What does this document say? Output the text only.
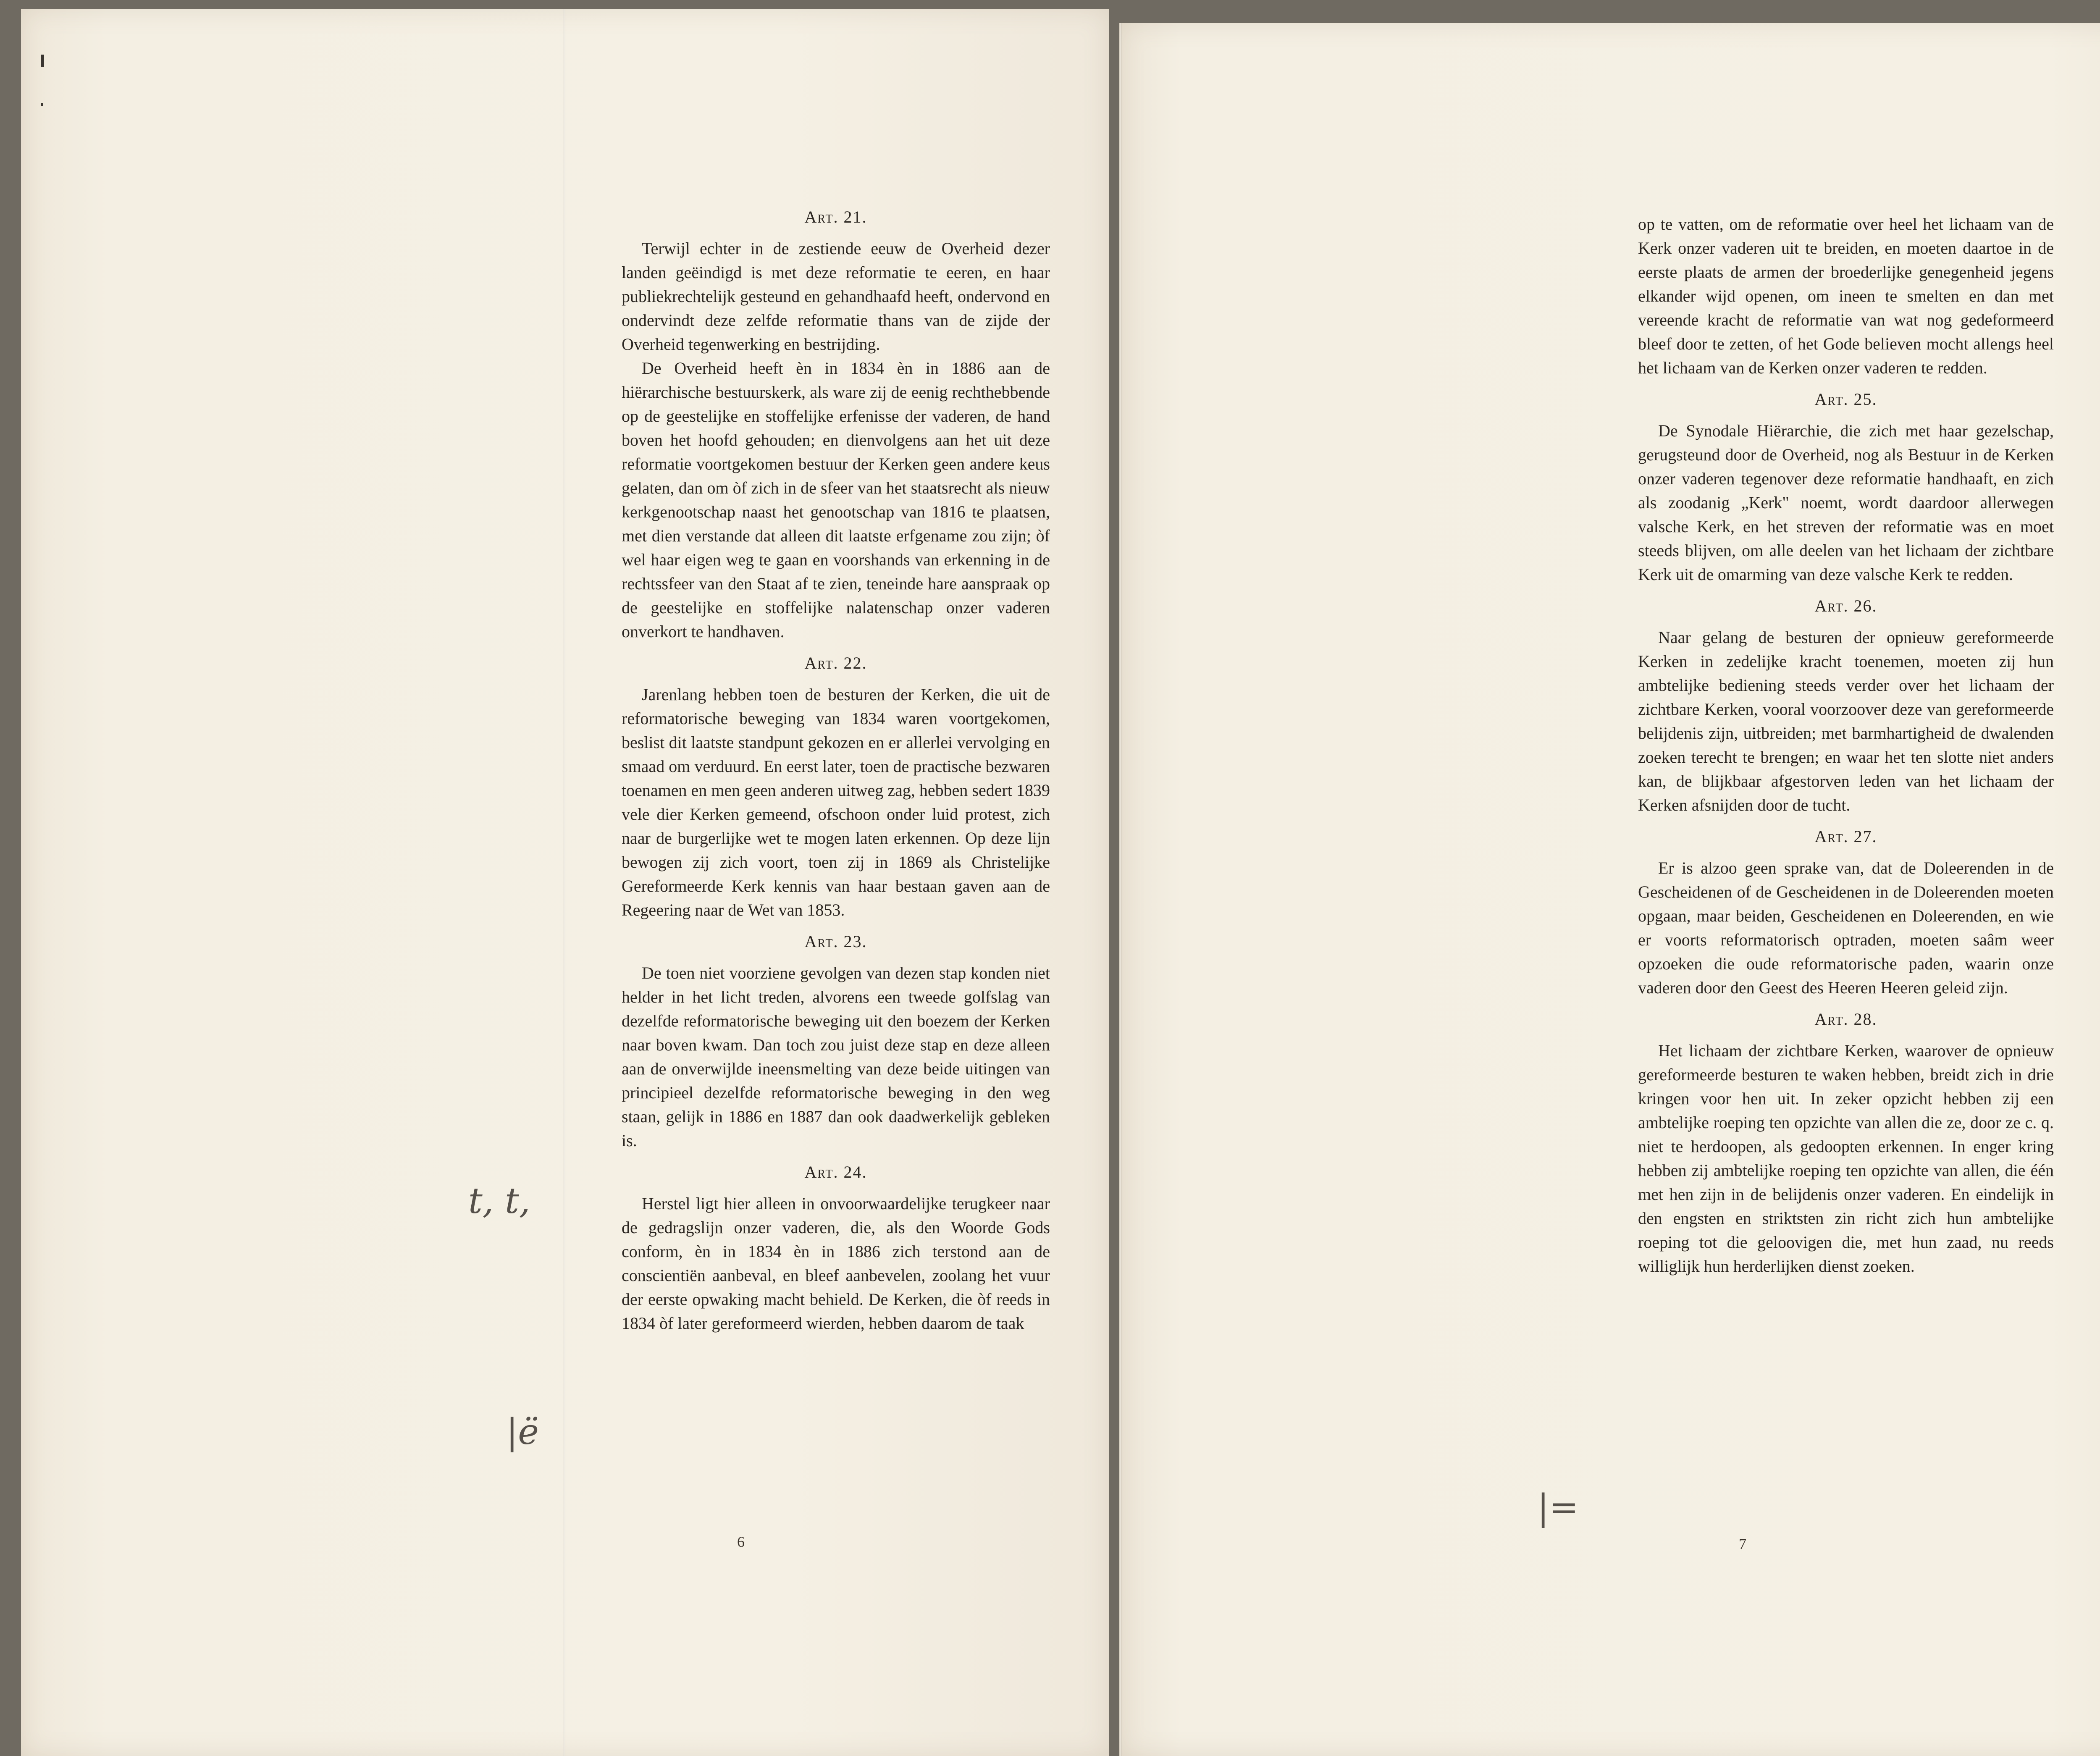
Art. 21.

Terwijl echter in de zestiende eeuw de Overheid dezer landen geëindigd is met deze reformatie te eeren, en haar publiekrechtelijk gesteund en gehandhaafd heeft, ondervond en ondervindt deze zelfde reformatie thans van de zijde der Overheid tegenwerking en bestrijding.

De Overheid heeft èn in 1834 èn in 1886 aan de hiërarchische bestuurskerk, als ware zij de eenig rechthebbende op de geestelijke en stoffelijke erfenisse der vaderen, de hand boven het hoofd gehouden; en dienvolgens aan het uit deze reformatie voortgekomen bestuur der Kerken geen andere keus gelaten, dan om òf zich in de sfeer van het staatsrecht als nieuw kerkgenootschap naast het genootschap van 1816 te plaatsen, met dien verstande dat alleen dit laatste erfgename zou zijn; òf wel haar eigen weg te gaan en voorshands van erkenning in de rechtssfeer van den Staat af te zien, teneinde hare aanspraak op de geestelijke en stoffelijke nalatenschap onzer vaderen onverkort te handhaven.

Art. 22.

Jarenlang hebben toen de besturen der Kerken, die uit de reformatorische beweging van 1834 waren voortgekomen, beslist dit laatste standpunt gekozen en er allerlei vervolging en smaad om verduurd. En eerst later, toen de practische bezwaren toenamen en men geen anderen uitweg zag, hebben sedert 1839 vele dier Kerken gemeend, ofschoon onder luid protest, zich naar de burgerlijke wet te mogen laten erkennen. Op deze lijn bewogen zij zich voort, toen zij in 1869 als Christelijke Gereformeerde Kerk kennis van haar bestaan gaven aan de Regeering naar de Wet van 1853.

Art. 23.

De toen niet voorziene gevolgen van dezen stap konden niet helder in het licht treden, alvorens een tweede golfslag van dezelfde reformatorische beweging uit den boezem der Kerken naar boven kwam. Dan toch zou juist deze stap en deze alleen aan de onverwijlde ineensmelting van deze beide uitingen van principieel dezelfde reformatorische beweging in den weg staan, gelijk in 1886 en 1887 dan ook daadwerkelijk gebleken is.

Art. 24.

Herstel ligt hier alleen in onvoorwaardelijke terugkeer naar de gedragslijn onzer vaderen, die, als den Woorde Gods conform, èn in 1834 èn in 1886 zich terstond aan de conscientiën aanbeval, en bleef aanbevelen, zoolang het vuur der eerste opwaking macht behield. De Kerken, die òf reeds in 1834 òf later gereformeerd wierden, hebben daarom de taak

6

op te vatten, om de reformatie over heel het lichaam van de Kerk onzer vaderen uit te breiden, en moeten daartoe in de eerste plaats de armen der broederlijke genegenheid jegens elkander wijd openen, om ineen te smelten en dan met vereende kracht de reformatie van wat nog gedeformeerd bleef door te zetten, of het Gode believen mocht allengs heel het lichaam van de Kerken onzer vaderen te redden.

Art. 25.

De Synodale Hiërarchie, die zich met haar gezelschap, gerugsteund door de Overheid, nog als Bestuur in de Kerken onzer vaderen tegenover deze reformatie handhaaft, en zich als zoodanig „Kerk" noemt, wordt daardoor allerwegen valsche Kerk, en het streven der reformatie was en moet steeds blijven, om alle deelen van het lichaam der zichtbare Kerk uit de omarming van deze valsche Kerk te redden.

Art. 26.

Naar gelang de besturen der opnieuw gereformeerde Kerken in zedelijke kracht toenemen, moeten zij hun ambtelijke bediening steeds verder over het lichaam der zichtbare Kerken, vooral voorzoover deze van gereformeerde belijdenis zijn, uitbreiden; met barmhartigheid de dwalenden zoeken terecht te brengen; en waar het ten slotte niet anders kan, de blijkbaar afgestorven leden van het lichaam der Kerken afsnijden door de tucht.

Art. 27.

Er is alzoo geen sprake van, dat de Doleerenden in de Gescheidenen of de Gescheidenen in de Doleerenden moeten opgaan, maar beiden, Gescheidenen en Doleerenden, en wie er voorts reformatorisch optraden, moeten saâm weer opzoeken die oude reformatorische paden, waarin onze vaderen door den Geest des Heeren Heeren geleid zijn.

Art. 28.

Het lichaam der zichtbare Kerken, waarover de opnieuw gereformeerde besturen te waken hebben, breidt zich in drie kringen voor hen uit. In zeker opzicht hebben zij een ambtelijke roeping ten opzichte van allen die ze, door ze c. q. niet te herdoopen, als gedoopten erkennen. In enger kring hebben zij ambtelijke roeping ten opzichte van allen, die één met hen zijn in de belijdenis onzer vaderen. En eindelijk in den engsten en striktsten zin richt zich hun ambtelijke roeping tot die geloovigen die, met hun zaad, nu reeds williglijk hun herderlijken dienst zoeken.

7
t, t,
|ë
|=
